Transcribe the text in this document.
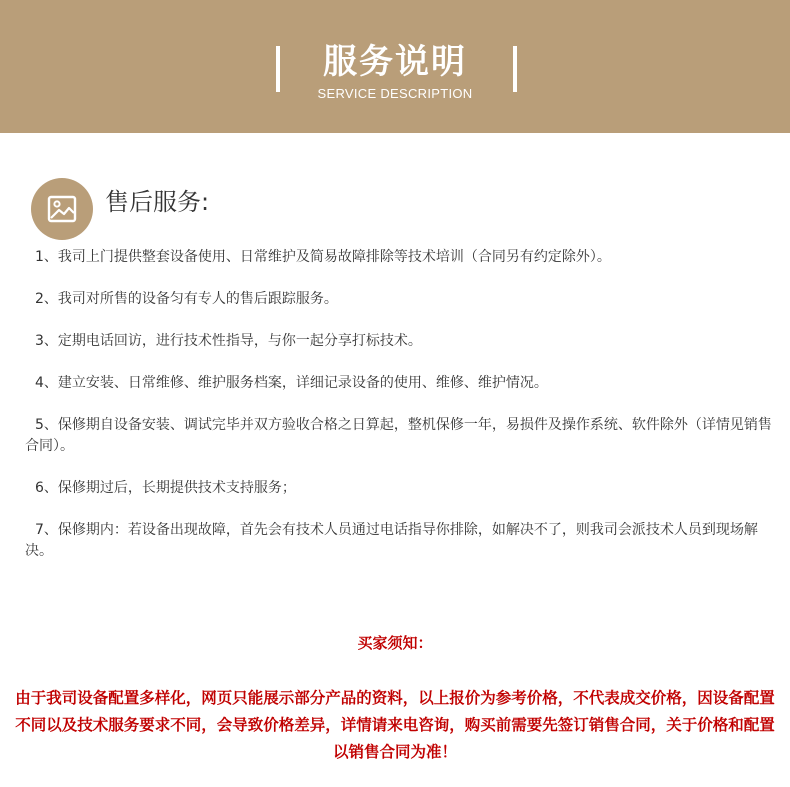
服务说明
SERVICE DESCRIPTION
售后服务:

1、我司上门提供整套设备使用、日常维护及简易故障排除等技术培训（合同另有约定除外）。

2、我司对所售的设备匀有专人的售后跟踪服务。

3、定期电话回访，进行技术性指导，与你一起分享打标技术。

4、建立安装、日常维修、维护服务档案，详细记录设备的使用、维修、维护情况。

5、保修期自设备安装、调试完毕并双方验收合格之日算起，整机保修一年，易损件及操作系统、软件除外（详情见销售合同）。

6、保修期过后，长期提供技术支持服务；

7、保修期内：若设备出现故障，首先会有技术人员通过电话指导你排除，如解决不了，则我司会派技术人员到现场解决。

买家须知：
由于我司设备配置多样化，网页只能展示部分产品的资料，以上报价为参考价格，不代表成交价格，因设备配置不同以及技术服务要求不同，会导致价格差异，详情请来电咨询，购买前需要先签订销售合同，关于价格和配置以销售合同为准！
